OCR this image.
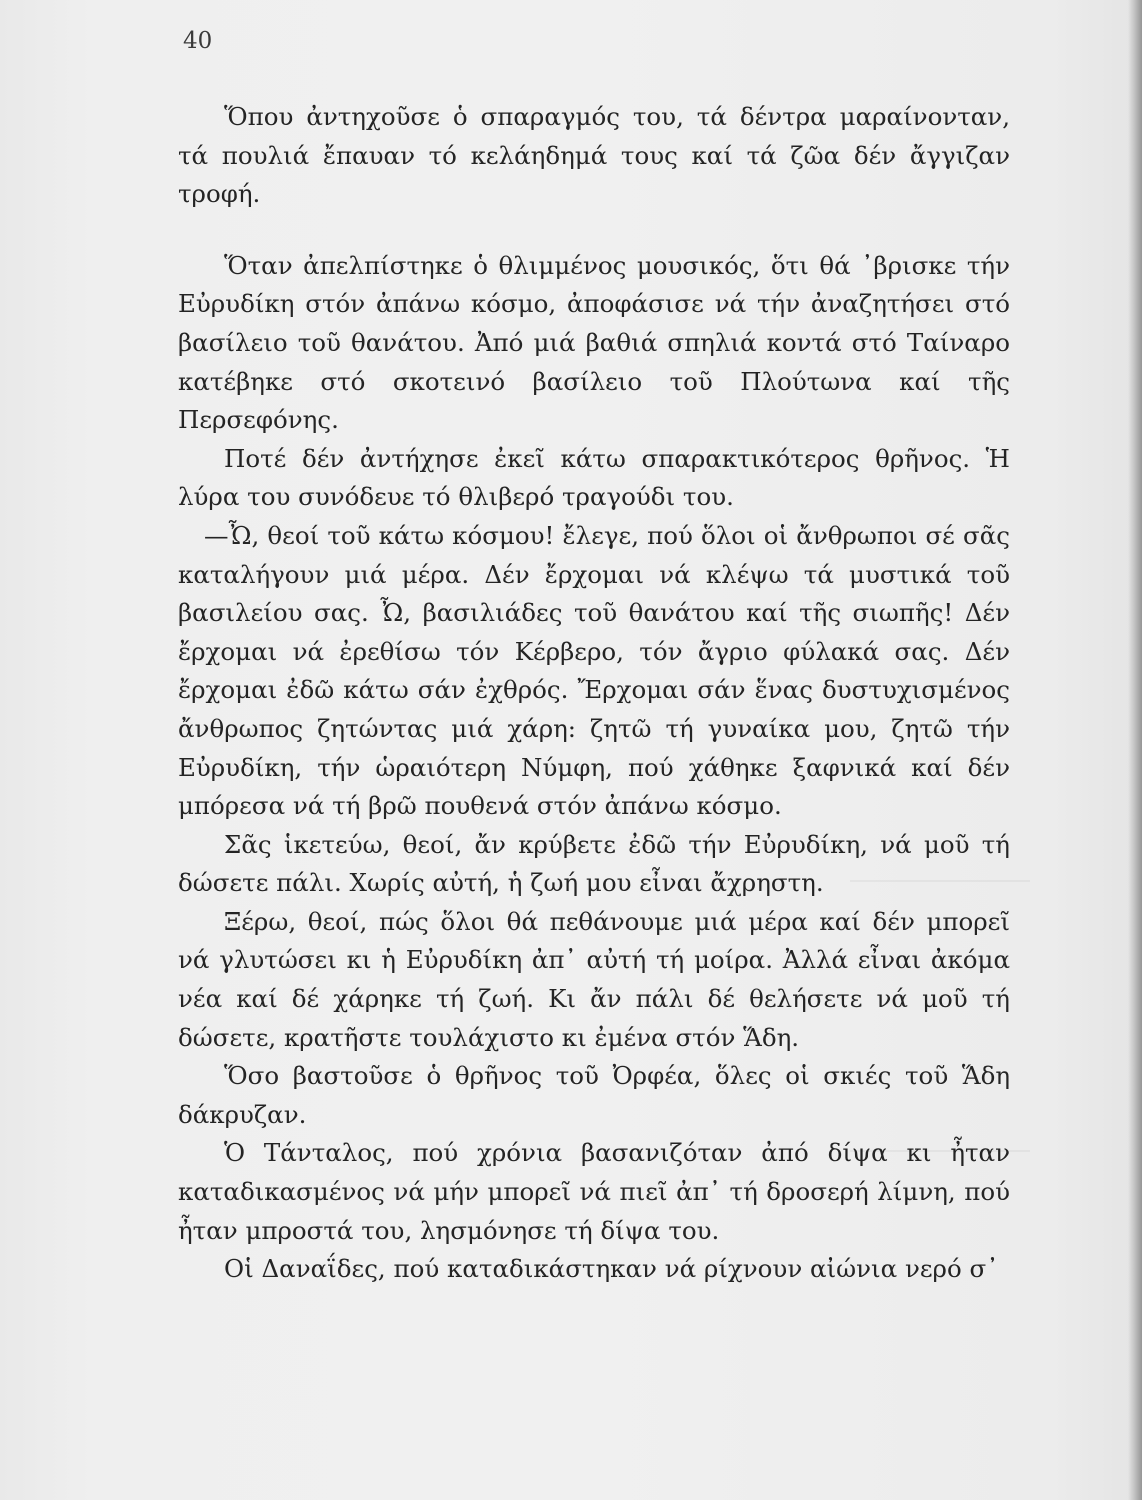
40

Ὅπου ἀντηχοῦσε ὁ σπαραγμός του, τά δέντρα μαραίνονταν, τά πουλιά ἔπαυαν τό κελάηδημά τους καί τά ζῶα δέν ἄγγιζαν τροφή.

Ὅταν ἀπελπίστηκε ὁ θλιμμένος μουσικός, ὅτι θά ᾽βρισκε τήν Εὐρυδίκη στόν ἀπάνω κόσμο, ἀποφάσισε νά τήν ἀναζητήσει στό βασίλειο τοῦ θανάτου. Ἀπό μιά βαθιά σπηλιά κοντά στό Ταίναρο κατέβηκε στό σκοτεινό βασίλειο τοῦ Πλούτωνα καί τῆς Περσεφόνης.

Ποτέ δέν ἀντήχησε ἐκεῖ κάτω σπαρακτικότερος θρῆνος. Ἡ λύρα του συνόδευε τό θλιβερό τραγούδι του.

—Ὦ, θεοί τοῦ κάτω κόσμου! ἔλεγε, πού ὅλοι οἱ ἄνθρωποι σέ σᾶς καταλήγουν μιά μέρα. Δέν ἔρχομαι νά κλέψω τά μυστικά τοῦ βασιλείου σας. Ὦ, βασιλιάδες τοῦ θανάτου καί τῆς σιωπῆς! Δέν ἔρχομαι νά ἐρεθίσω τόν Κέρβερο, τόν ἄγριο φύλακά σας. Δέν ἔρχομαι ἐδῶ κάτω σάν ἐχθρός. Ἔρχομαι σάν ἕνας δυστυχισμένος ἄνθρωπος ζητώντας μιά χάρη: ζητῶ τή γυναίκα μου, ζητῶ τήν Εὐρυδίκη, τήν ὡραιότερη Νύμφη, πού χάθηκε ξαφνικά καί δέν μπόρεσα νά τή βρῶ πουθενά στόν ἀπάνω κόσμο.

Σᾶς ἱκετεύω, θεοί, ἄν κρύβετε ἐδῶ τήν Εὐρυδίκη, νά μοῦ τή δώσετε πάλι. Χωρίς αὐτή, ἡ ζωή μου εἶναι ἄχρηστη.

Ξέρω, θεοί, πώς ὅλοι θά πεθάνουμε μιά μέρα καί δέν μπορεῖ νά γλυτώσει κι ἡ Εὐρυδίκη ἀπ᾽ αὐτή τή μοίρα. Ἀλλά εἶναι ἀκόμα νέα καί δέ χάρηκε τή ζωή. Κι ἄν πάλι δέ θελήσετε νά μοῦ τή δώσετε, κρατῆστε τουλάχιστο κι ἐμένα στόν Ἅδη.

Ὅσο βαστοῦσε ὁ θρῆνος τοῦ Ὀρφέα, ὅλες οἱ σκιές τοῦ Ἅδη δάκρυζαν.

Ὁ Τάνταλος, πού χρόνια βασανιζόταν ἀπό δίψα κι ἦταν καταδικασμένος νά μήν μπορεῖ νά πιεῖ ἀπ᾽ τή δροσερή λίμνη, πού ἦταν μπροστά του, λησμόνησε τή δίψα του.

Οἱ Δαναΐδες, πού καταδικάστηκαν νά ρίχνουν αἰώνια νερό σ᾽
